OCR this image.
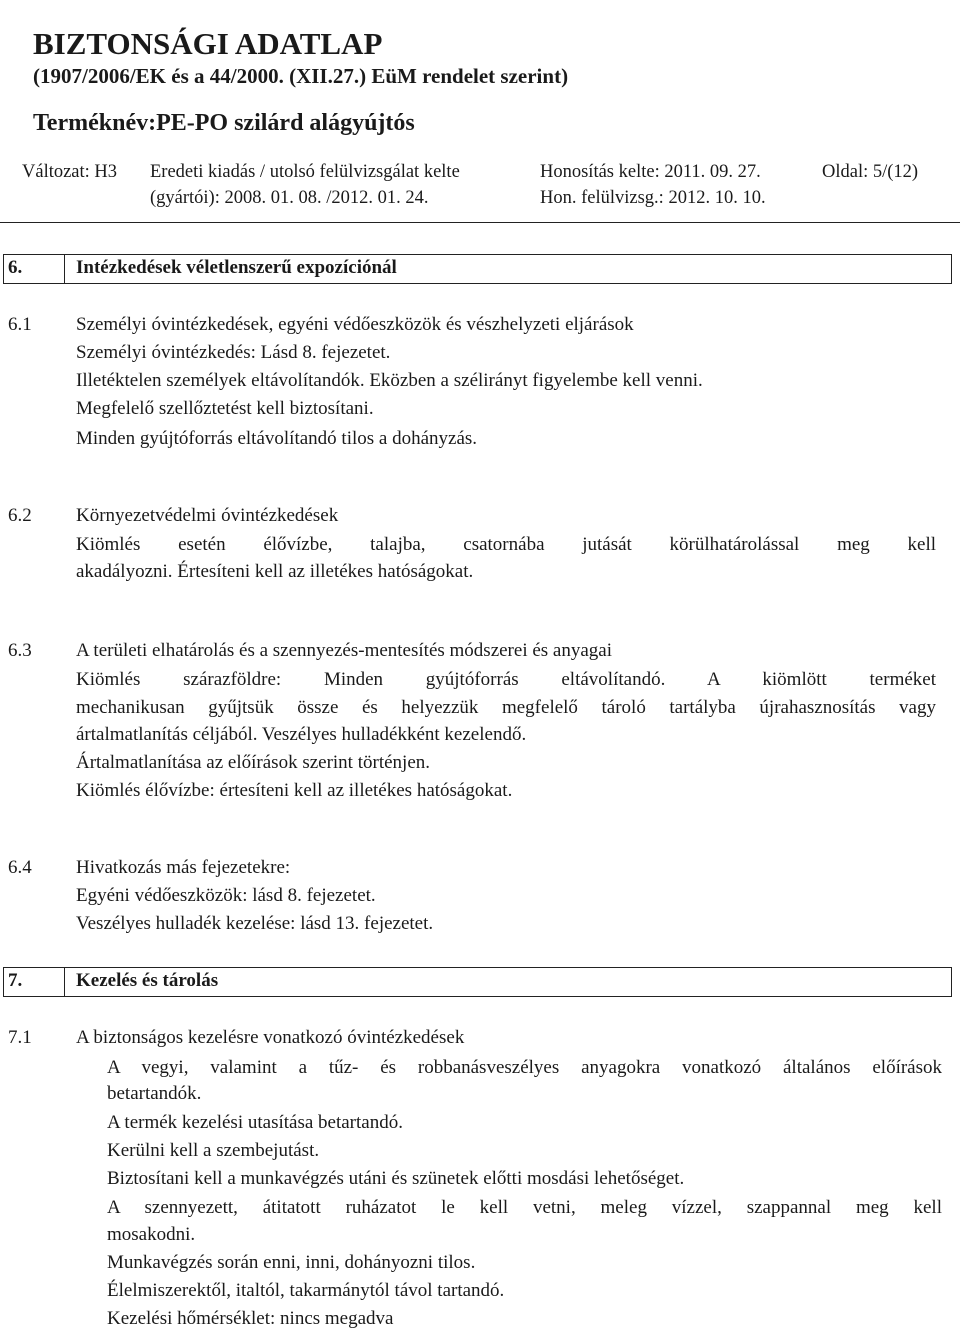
BIZTONSÁGI ADATLAP
(1907/2006/EK és a 44/2000. (XII.27.) EüM rendelet szerint)
Terméknév:PE-PO szilárd alágyújtós
Változat: H3 Eredeti kiadás / utolsó felülvizsgálat kelte
(gyártói): 2008. 01. 08. /2012. 01. 24.
Honosítás kelte: 2011. 09. 27.
Hon. felülvizsg.: 2012. 10. 10.
Oldal: 5/(12)
6.	Intézkedések véletlenszerű expozíciónál
6.1 Személyi óvintézkedések, egyéni védőeszközök és vészhelyzeti eljárások
Személyi óvintézkedés: Lásd 8. fejezetet.
Illetéktelen személyek eltávolítandók. Eközben a szélirányt figyelembe kell venni.
Megfelelő szellőztetést kell biztosítani.
Minden gyújtóforrás eltávolítandó tilos a dohányzás.
6.2 Környezetvédelmi óvintézkedések
Kiömlés esetén élővízbe, talajba, csatornába jutását körülhatárolással meg kell
akadályozni. Értesíteni kell az illetékes hatóságokat.
6.3 A területi elhatárolás és a szennyezés-mentesítés módszerei és anyagai
Kiömlés szárazföldre: Minden gyújtóforrás eltávolítandó. A kiömlött terméket
mechanikusan gyűjtsük össze és helyezzük megfelelő tároló tartályba újrahasznosítás vagy
ártalmatlanítás céljából. Veszélyes hulladékként kezelendő.
Ártalmatlanítása az előírások szerint történjen.
Kiömlés élővízbe: értesíteni kell az illetékes hatóságokat.
6.4 Hivatkozás más fejezetekre:
Egyéni védőeszközök: lásd 8. fejezetet.
Veszélyes hulladék kezelése: lásd 13. fejezetet.
7.	Kezelés és tárolás
7.1 A biztonságos kezelésre vonatkozó óvintézkedések
A vegyi, valamint a tűz- és robbanásveszélyes anyagokra vonatkozó általános előírások
betartandók.
A termék kezelési utasítása betartandó.
Kerülni kell a szembejutást.
Biztosítani kell a munkavégzés utáni és szünetek előtti mosdási lehetőséget.
A szennyezett, átitatott ruházatot le kell vetni, meleg vízzel, szappannal meg kell
mosakodni.
Munkavégzés során enni, inni, dohányozni tilos.
Élelmiszerektől, italtól, takarmánytól távol tartandó.
Kezelési hőmérséklet: nincs megadva
